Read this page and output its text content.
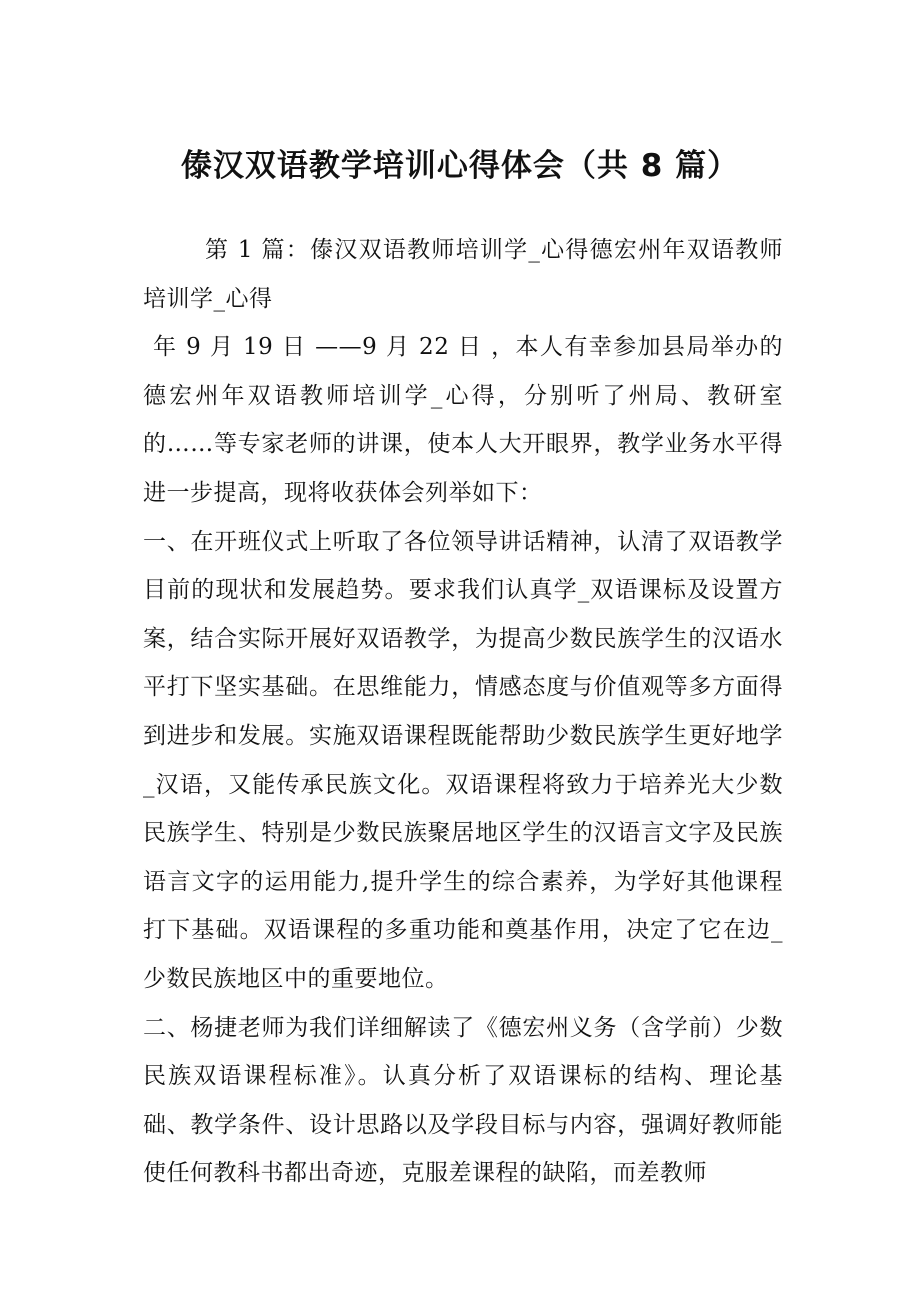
傣汉双语教学培训心得体会（共 8 篇）

第 1 篇：傣汉双语教师培训学_心得德宏州年双语教师培训学_心得

年 9 月 19 日 ——9 月 22 日 ，本人有幸参加县局举办的德宏州年双语教师培训学_心得，分别听了州局、教研室的……等专家老师的讲课，使本人大开眼界，教学业务水平得进一步提高，现将收获体会列举如下：

一、在开班仪式上听取了各位领导讲话精神，认清了双语教学目前的现状和发展趋势。要求我们认真学_双语课标及设置方案，结合实际开展好双语教学，为提高少数民族学生的汉语水平打下坚实基础。在思维能力，情感态度与价值观等多方面得到进步和发展。实施双语课程既能帮助少数民族学生更好地学_汉语，又能传承民族文化。双语课程将致力于培养光大少数民族学生、特别是少数民族聚居地区学生的汉语言文字及民族语言文字的运用能力,提升学生的综合素养，为学好其他课程打下基础。双语课程的多重功能和奠基作用，决定了它在边_少数民族地区中的重要地位。

二、杨捷老师为我们详细解读了《德宏州义务（含学前）少数民族双语课程标准》。认真分析了双语课标的结构、理论基础、教学条件、设计思路以及学段目标与内容，强调好教师能使任何教科书都出奇迹，克服差课程的缺陷，而差教师
